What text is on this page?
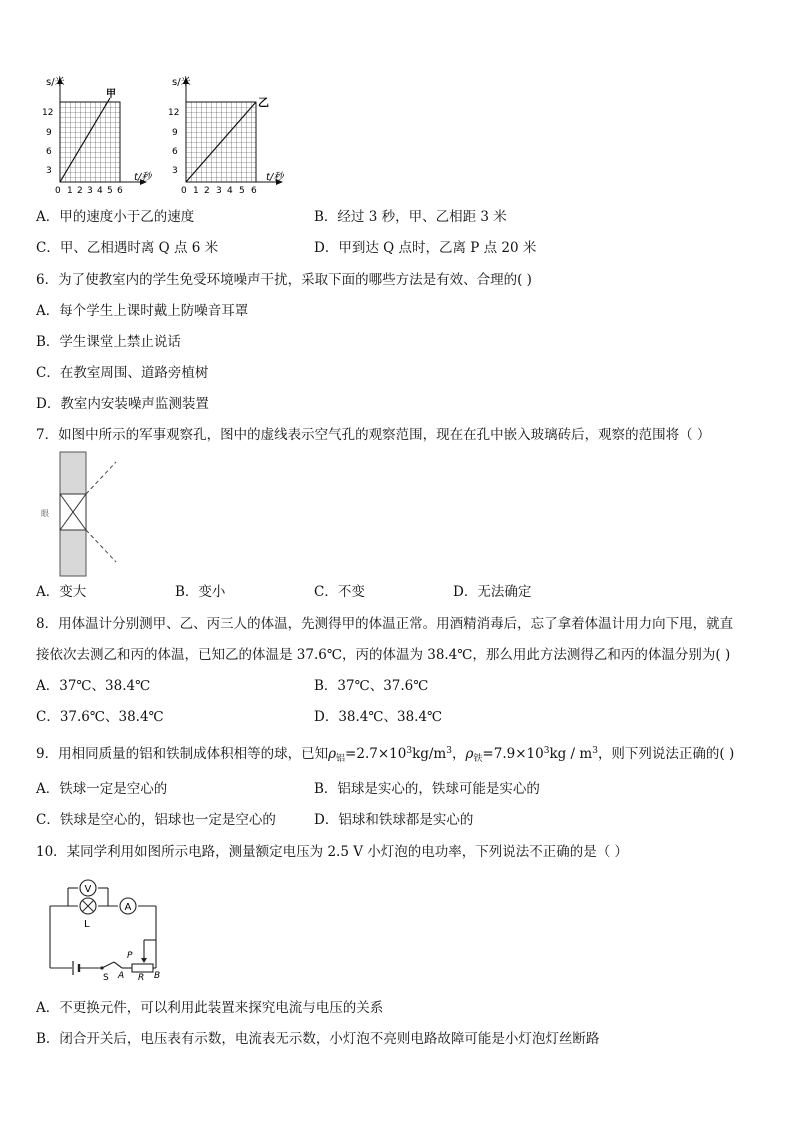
s/米
甲
12
9
6
3
0 1 2 3 4 5 6
t/秒
s/米
乙
12
9
6
3
0 1 2 3 4 5 6
t/秒
A．甲的速度小于乙的速度	B．经过 3 秒，甲、乙相距 3 米
C．甲、乙相遇时离 Q 点 6 米	D．甲到达 Q 点时，乙离 P 点 20 米
6．为了使教室内的学生免受环境噪声干扰，采取下面的哪些方法是有效、合理的( )
A．每个学生上课时戴上防噪音耳罩
B．学生课堂上禁止说话
C．在教室周围、道路旁植树
D．教室内安装噪声监测装置
7．如图中所示的军事观察孔，图中的虚线表示空气孔的观察范围，现在在孔中嵌入玻璃砖后，观察的范围将（ ）
眼
A．变大	B．变小	C．不变	D．无法确定
8．用体温计分别测甲、乙、丙三人的体温，先测得甲的体温正常。用酒精消毒后，忘了拿着体温计用力向下甩，就直
接依次去测乙和丙的体温，已知乙的体温是 37.6℃，丙的体温为 38.4℃，那么用此方法测得乙和丙的体温分别为( )
A．37℃、38.4℃	B．37℃、37.6℃
C．37.6℃、38.4℃	D．38.4℃、38.4℃
9．用相同质量的铝和铁制成体积相等的球，已知$\rho_铝=2.7\times 10^3kg/m^3$，$\rho_铁=7.9\times 10^3kg / m^3$，则下列说法正确的( )
A．铁球一定是空心的	B．铝球是实心的，铁球可能是实心的
C．铁球是空心的，铝球也一定是空心的	D．铝球和铁球都是实心的
10．某同学利用如图所示电路，测量额定电压为 2.5 V 小灯泡的电功率，下列说法不正确的是（ ）
V
L
A
S
P
A R B
A．不更换元件，可以利用此装置来探究电流与电压的关系
B．闭合开关后，电压表有示数，电流表无示数，小灯泡不亮则电路故障可能是小灯泡灯丝断路
